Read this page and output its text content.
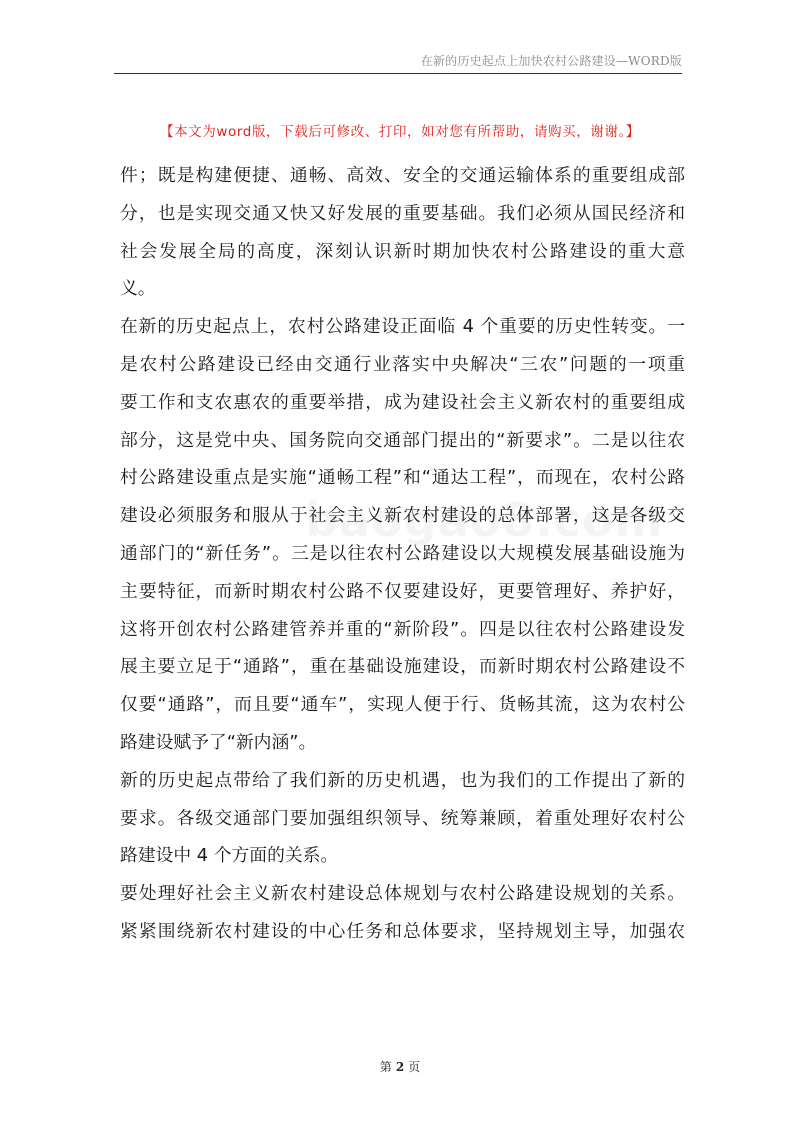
在新的历史起点上加快农村公路建设—WORD版
【本文为word版，下载后可修改、打印，如对您有所帮助，请购买，谢谢。】
件；既是构建便捷、通畅、高效、安全的交通运输体系的重要组成部
分，也是实现交通又快又好发展的重要基础。我们必须从国民经济和
社会发展全局的高度，深刻认识新时期加快农村公路建设的重大意
义。
在新的历史起点上，农村公路建设正面临 4 个重要的历史性转变。一
是农村公路建设已经由交通行业落实中央解决“三农”问题的一项重
要工作和支农惠农的重要举措，成为建设社会主义新农村的重要组成
部分，这是党中央、国务院向交通部门提出的“新要求”。二是以往农
村公路建设重点是实施“通畅工程”和“通达工程”，而现在，农村公路
建设必须服务和服从于社会主义新农村建设的总体部署，这是各级交
通部门的“新任务”。三是以往农村公路建设以大规模发展基础设施为
主要特征，而新时期农村公路不仅要建设好，更要管理好、养护好，
这将开创农村公路建管养并重的“新阶段”。四是以往农村公路建设发
展主要立足于“通路”，重在基础设施建设，而新时期农村公路建设不
仅要“通路”，而且要“通车”，实现人便于行、货畅其流，这为农村公
路建设赋予了“新内涵”。
新的历史起点带给了我们新的历史机遇，也为我们的工作提出了新的
要求。各级交通部门要加强组织领导、统筹兼顾，着重处理好农村公
路建设中 4 个方面的关系。
要处理好社会主义新农村建设总体规划与农村公路建设规划的关系。
紧紧围绕新农村建设的中心任务和总体要求，坚持规划主导，加强农
第 2 页
